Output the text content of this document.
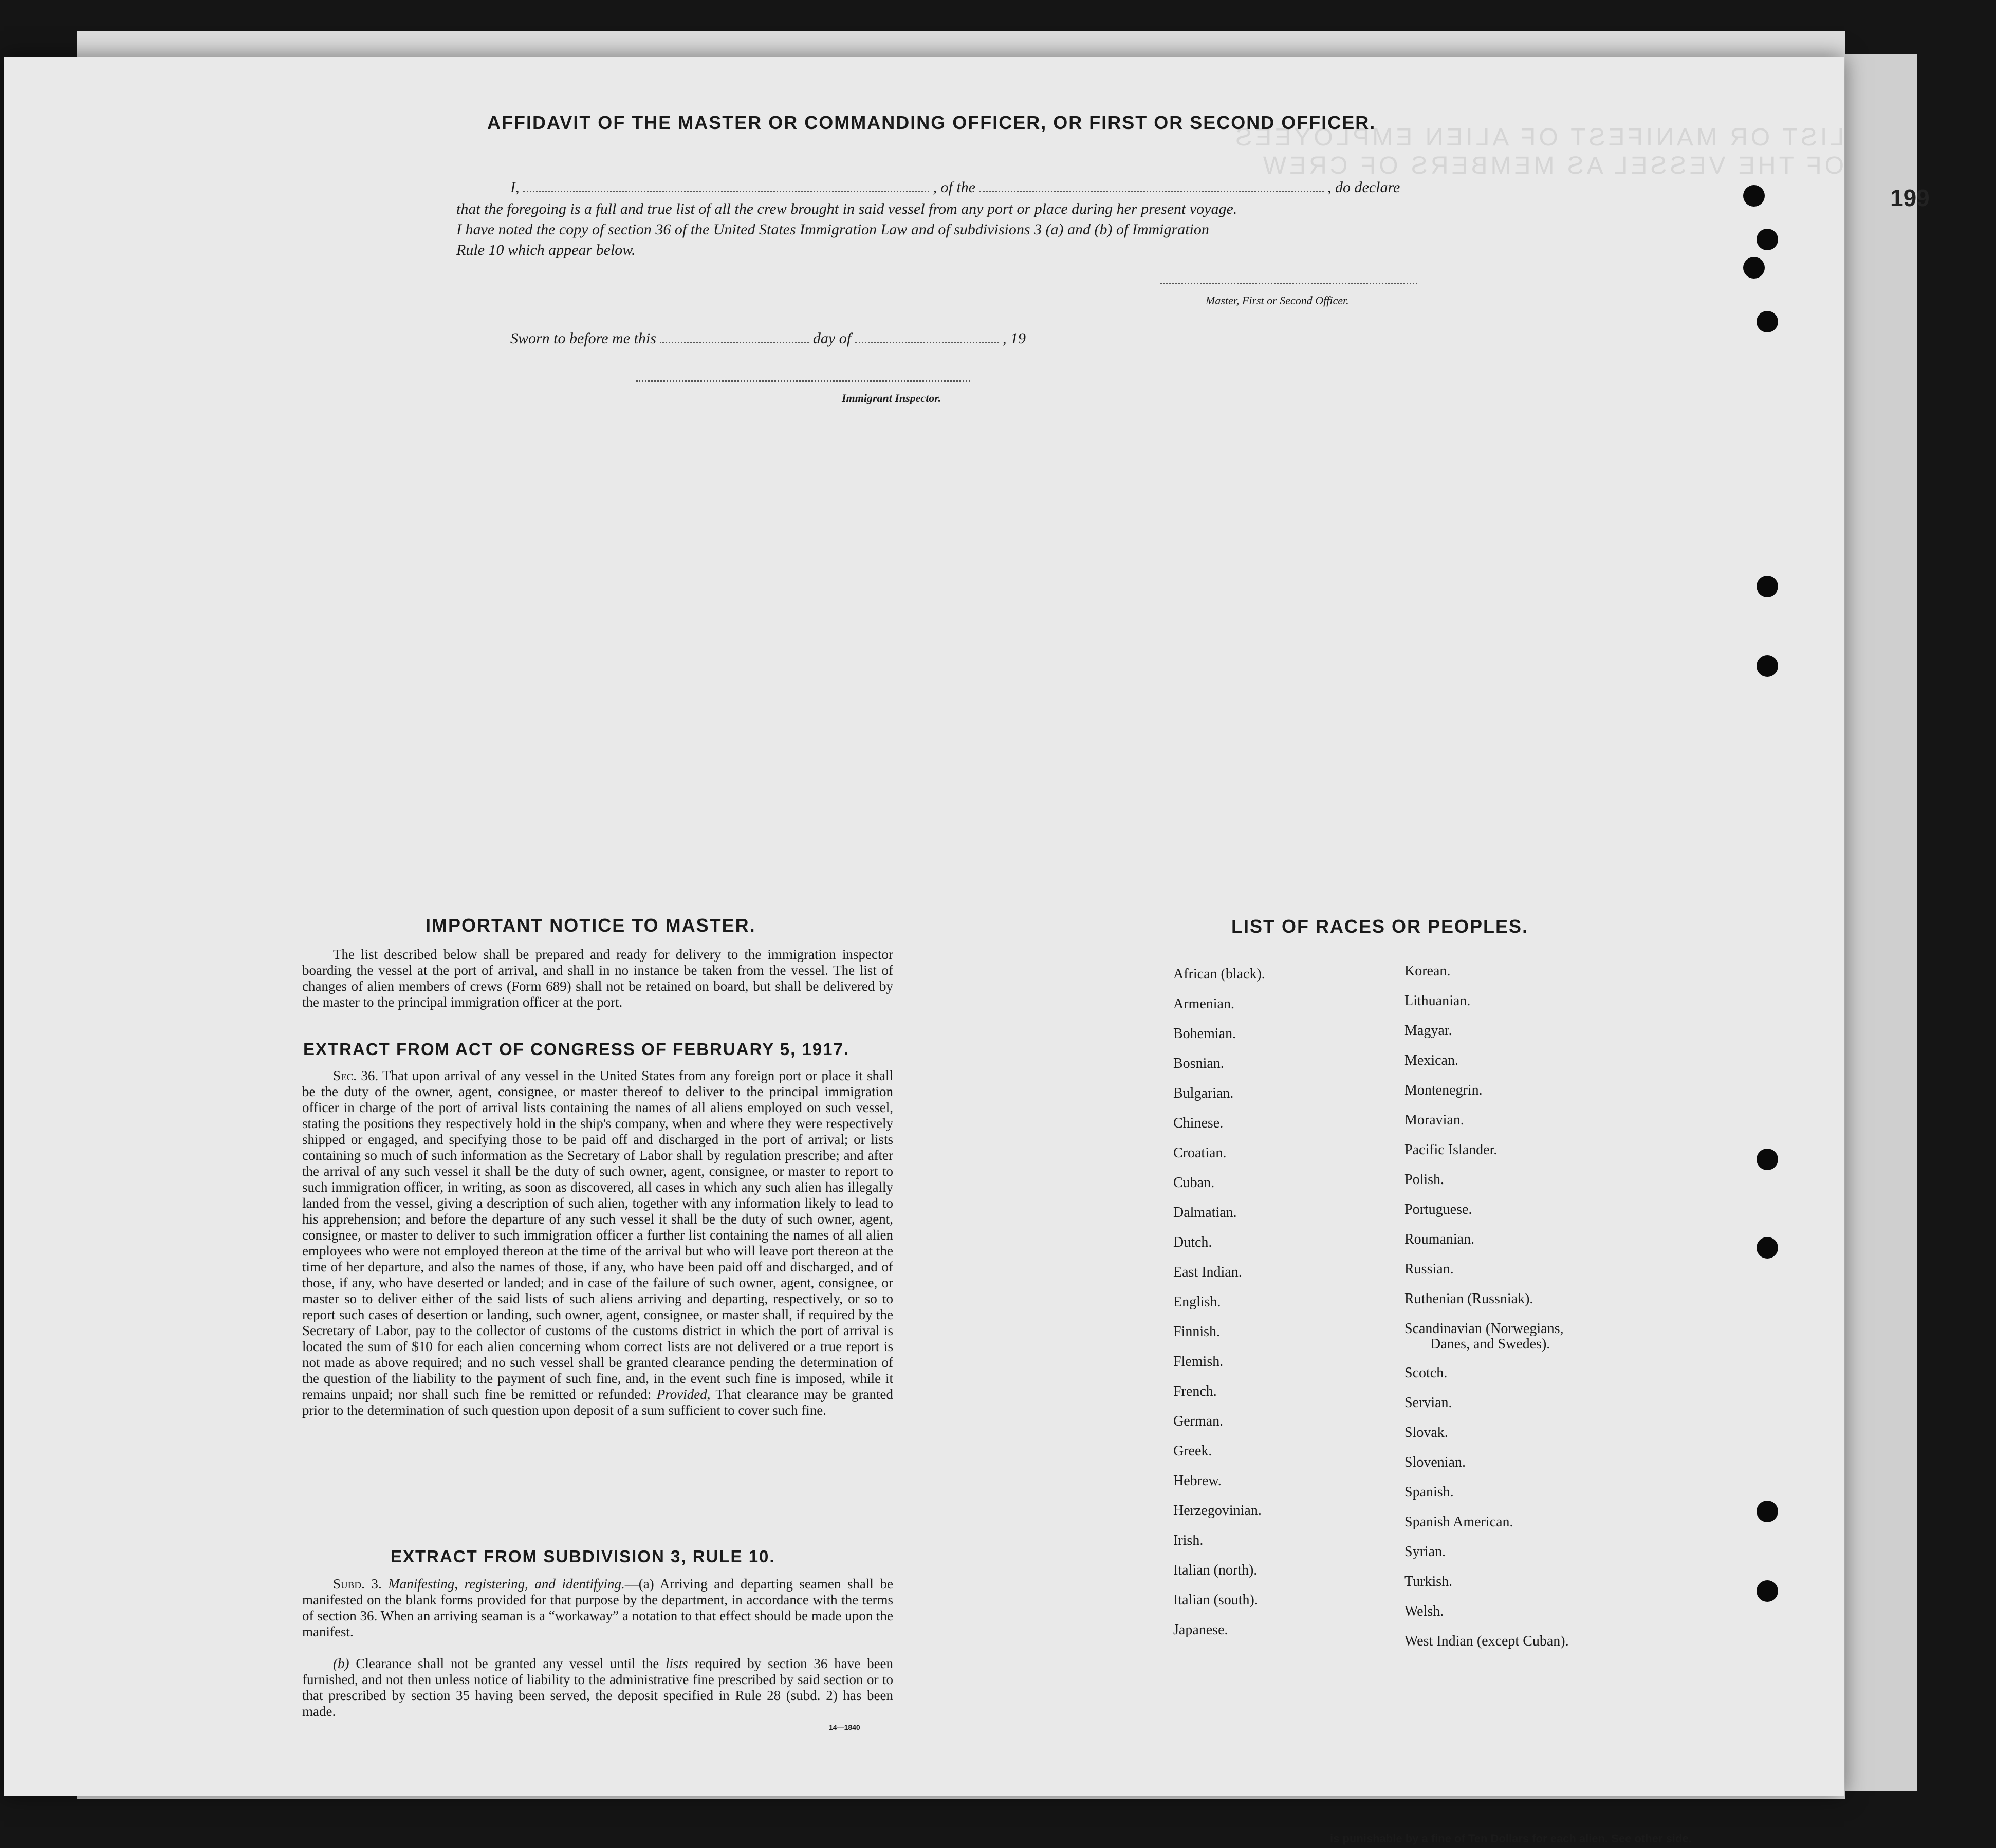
LIST OR MANIFEST OF ALIEN EMPLOYEES OF THE VESSEL AS MEMBERS OF CREW
AFFIDAVIT OF THE MASTER OR COMMANDING OFFICER, OR FIRST OR SECOND OFFICER.
I,	, of the	, do declare
that the foregoing is a full and true list of all the crew brought in said vessel from any port or place during her present voyage.
I have noted the copy of section 36 of the United States Immigration Law and of subdivisions 3 (a) and (b) of Immigration
Rule 10 which appear below.
Master, First or Second Officer.
Sworn to before me this	day of	, 19
Immigrant Inspector.
IMPORTANT NOTICE TO MASTER.
The list described below shall be prepared and ready for delivery to the immigration inspector boarding the vessel at the port of arrival, and shall in no instance be taken from the vessel. The list of changes of alien members of crews (Form 689) shall not be retained on board, but shall be delivered by the master to the principal immigration officer at the port.
EXTRACT FROM ACT OF CONGRESS OF FEBRUARY 5, 1917.
Sec. 36. That upon arrival of any vessel in the United States from any foreign port or place it shall be the duty of the owner, agent, consignee, or master thereof to deliver to the principal immigration officer in charge of the port of arrival lists containing the names of all aliens employed on such vessel, stating the positions they respectively hold in the ship's company, when and where they were respectively shipped or engaged, and specifying those to be paid off and discharged in the port of arrival; or lists containing so much of such information as the Secretary of Labor shall by regulation prescribe; and after the arrival of any such vessel it shall be the duty of such owner, agent, consignee, or master to report to such immigration officer, in writing, as soon as discovered, all cases in which any such alien has illegally landed from the vessel, giving a description of such alien, together with any information likely to lead to his apprehension; and before the departure of any such vessel it shall be the duty of such owner, agent, consignee, or master to deliver to such immigration officer a further list containing the names of all alien employees who were not employed thereon at the time of the arrival but who will leave port thereon at the time of her departure, and also the names of those, if any, who have been paid off and discharged, and of those, if any, who have deserted or landed; and in case of the failure of such owner, agent, consignee, or master so to deliver either of the said lists of such aliens arriving and departing, respectively, or so to report such cases of desertion or landing, such owner, agent, consignee, or master shall, if required by the Secretary of Labor, pay to the collector of customs of the customs district in which the port of arrival is located the sum of $10 for each alien concerning whom correct lists are not delivered or a true report is not made as above required; and no such vessel shall be granted clearance pending the determination of the question of the liability to the payment of such fine, and, in the event such fine is imposed, while it remains unpaid; nor shall such fine be remitted or refunded: Provided, That clearance may be granted prior to the determination of such question upon deposit of a sum sufficient to cover such fine.
EXTRACT FROM SUBDIVISION 3, RULE 10.
Subd. 3. Manifesting, registering, and identifying.—(a) Arriving and departing seamen shall be manifested on the blank forms provided for that purpose by the department, in accordance with the terms of section 36. When an arriving seaman is a “workaway” a notation to that effect should be made upon the manifest.
(b) Clearance shall not be granted any vessel until the lists required by section 36 have been furnished, and not then unless notice of liability to the administrative fine prescribed by said section or to that prescribed by section 35 having been served, the deposit specified in Rule 28 (subd. 2) has been made.
14—1840
LIST OF RACES OR PEOPLES.
199
is punishable by a fine of Ten Dollars for each alien. See other side.
African (black).
Armenian.
Bohemian.
Bosnian.
Bulgarian.
Chinese.
Croatian.
Cuban.
Dalmatian.
Dutch.
East Indian.
English.
Finnish.
Flemish.
French.
German.
Greek.
Hebrew.
Herzegovinian.
Irish.
Italian (north).
Italian (south).
Japanese.
Korean.
Lithuanian.
Magyar.
Mexican.
Montenegrin.
Moravian.
Pacific Islander.
Polish.
Portuguese.
Roumanian.
Russian.
Ruthenian (Russniak).
Scandinavian (Norwegians,
Danes, and Swedes).
Scotch.
Servian.
Slovak.
Slovenian.
Spanish.
Spanish American.
Syrian.
Turkish.
Welsh.
West Indian (except Cuban).
